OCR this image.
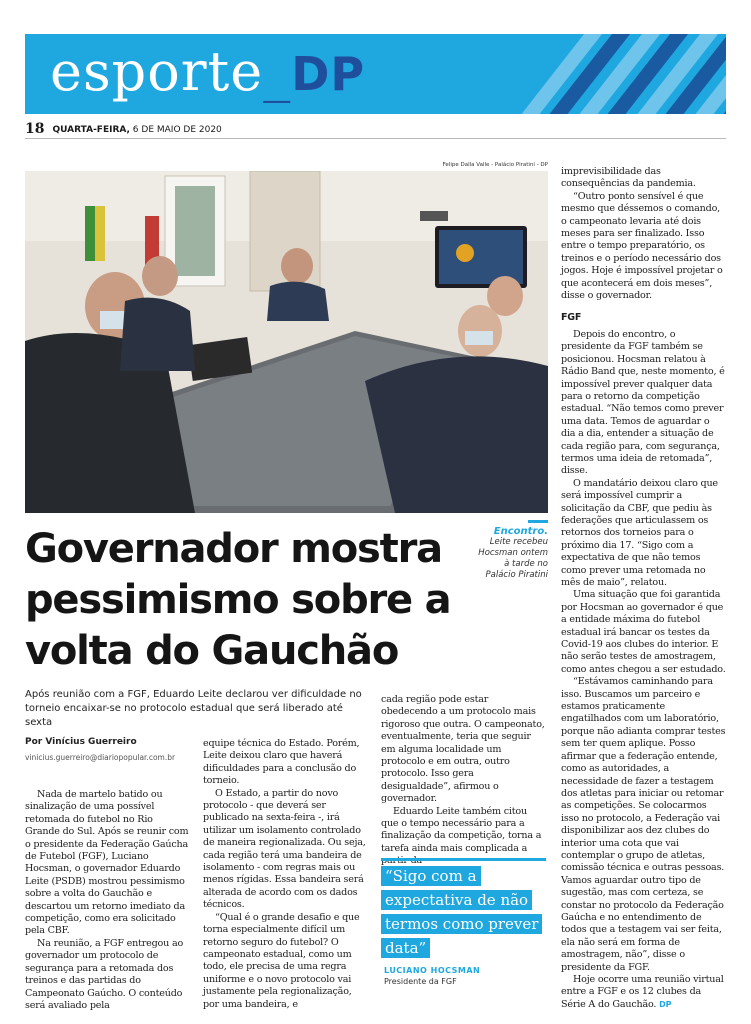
esporte_DP
18 QUARTA-FEIRA, 6 DE MAIO DE 2020
Felipe Dalla Valle - Palácio Piratini - DP
Encontro.
Leite recebeu Hocsman ontem à tarde no Palácio Piratini
Governador mostra pessimismo sobre a volta do Gauchão
Após reunião com a FGF, Eduardo Leite declarou ver dificuldade no torneio encaixar-se no protocolo estadual que será liberado até sexta
Por Vinícius Guerreiro
vinicius.guerreiro@diariopopular.com.br

Nada de martelo batido ou sinalização de uma possível retomada do futebol no Rio Grande do Sul. Após se reunir com o presidente da Federação Gaúcha de Futebol (FGF), Luciano Hocsman, o governador Eduardo Leite (PSDB) mostrou pessimismo sobre a volta do Gauchão e descartou um retorno imediato da competição, como era solicitado pela CBF.

Na reunião, a FGF entregou ao governador um protocolo de segurança para a retomada dos treinos e das partidas do Campeonato Gaúcho. O conteúdo será avaliado pela

equipe técnica do Estado. Porém, Leite deixou claro que haverá dificuldades para a conclusão do torneio.

O Estado, a partir do novo protocolo - que deverá ser publicado na sexta-feira -, irá utilizar um isolamento controlado de maneira regionalizada. Ou seja, cada região terá uma bandeira de isolamento - com regras mais ou menos rígidas. Essa bandeira será alterada de acordo com os dados técnicos.

“Qual é o grande desafio e que torna especialmente difícil um retorno seguro do futebol? O campeonato estadual, como um todo, ele precisa de uma regra uniforme e o novo protocolo vai justamente pela regionalização, por uma bandeira, e

cada região pode estar obedecendo a um protocolo mais rigoroso que outra. O campeonato, eventualmente, teria que seguir em alguma localidade um protocolo e em outra, outro protocolo. Isso gera desigualdade”, afirmou o governador.

Eduardo Leite também citou que o tempo necessário para a finalização da competição, torna a tarefa ainda mais complicada a

“Sigo com a expectativa de não termos como prever data”
LUCIANO HOCSMAN
Presidente da FGF

imprevisibilidade das consequências da pandemia.

“Outro ponto sensível é que mesmo que déssemos o comando, o campeonato levaria até dois meses para ser finalizado. Isso entre o tempo preparatório, os treinos e o período necessário dos jogos. Hoje é impossível projetar o que acontecerá em dois meses”, disse o governador.

FGF

Depois do encontro, o presidente da FGF também se posicionou. Hocsman relatou à Rádio Band que, neste momento, é impossível prever qualquer data para o retorno da competição estadual. “Não temos como prever uma data. Temos de aguardar o dia a dia, entender a situação de cada região para, com segurança, termos uma ideia de retomada”, disse.

O mandatário deixou claro que será impossível cumprir a solicitação da CBF, que pediu às federações que articulassem os retornos dos torneios para o próximo dia 17. “Sigo com a expectativa de que não temos como prever uma retomada no mês de maio”, relatou.

Uma situação que foi garantida por Hocsman ao governador é que a entidade máxima do futebol estadual irá bancar os testes da Covid-19 aos clubes do interior. E não serão testes de amostragem, como antes chegou a ser estudado.

“Estávamos caminhando para isso. Buscamos um parceiro e estamos praticamente engatilhados com um laboratório, porque não adianta comprar testes sem ter quem aplique. Posso afirmar que a federação entende, como as autoridades, a necessidade de fazer a testagem dos atletas para iniciar ou retomar as competições. Se colocarmos isso no protocolo, a Federação vai disponibilizar aos dez clubes do interior uma cota que vai contemplar o grupo de atletas, comissão técnica e outras pessoas. Vamos aguardar outro tipo de sugestão, mas com certeza, se constar no protocolo da Federação Gaúcha e no entendimento de todos que a testagem vai ser feita, ela não será em forma de amostragem, não”, disse o presidente da FGF.

Hoje ocorre uma reunião virtual entre a FGF e os 12 clubes da Série A do Gauchão. DP
